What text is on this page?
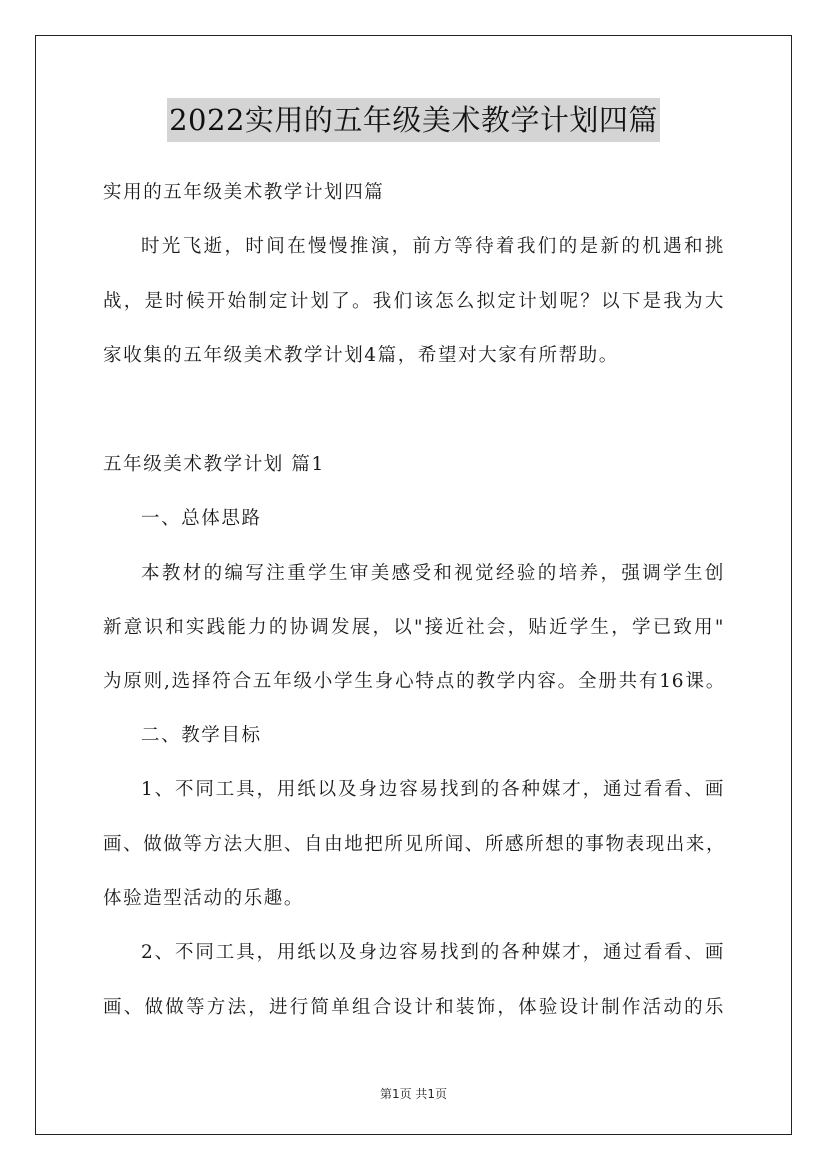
2022实用的五年级美术教学计划四篇
实用的五年级美术教学计划四篇
时光飞逝，时间在慢慢推演，前方等待着我们的是新的机遇和挑
战，是时候开始制定计划了。我们该怎么拟定计划呢？以下是我为大
家收集的五年级美术教学计划4篇，希望对大家有所帮助。
五年级美术教学计划 篇1
一、总体思路
本教材的编写注重学生审美感受和视觉经验的培养，强调学生创
新意识和实践能力的协调发展，以"接近社会，贴近学生，学已致用"
为原则,选择符合五年级小学生身心特点的教学内容。全册共有16课。
二、教学目标
1、不同工具，用纸以及身边容易找到的各种媒才，通过看看、画
画、做做等方法大胆、自由地把所见所闻、所感所想的事物表现出来，
体验造型活动的乐趣。
2、不同工具，用纸以及身边容易找到的各种媒才，通过看看、画
画、做做等方法，进行简单组合设计和装饰，体验设计制作活动的乐
第1页 共1页
